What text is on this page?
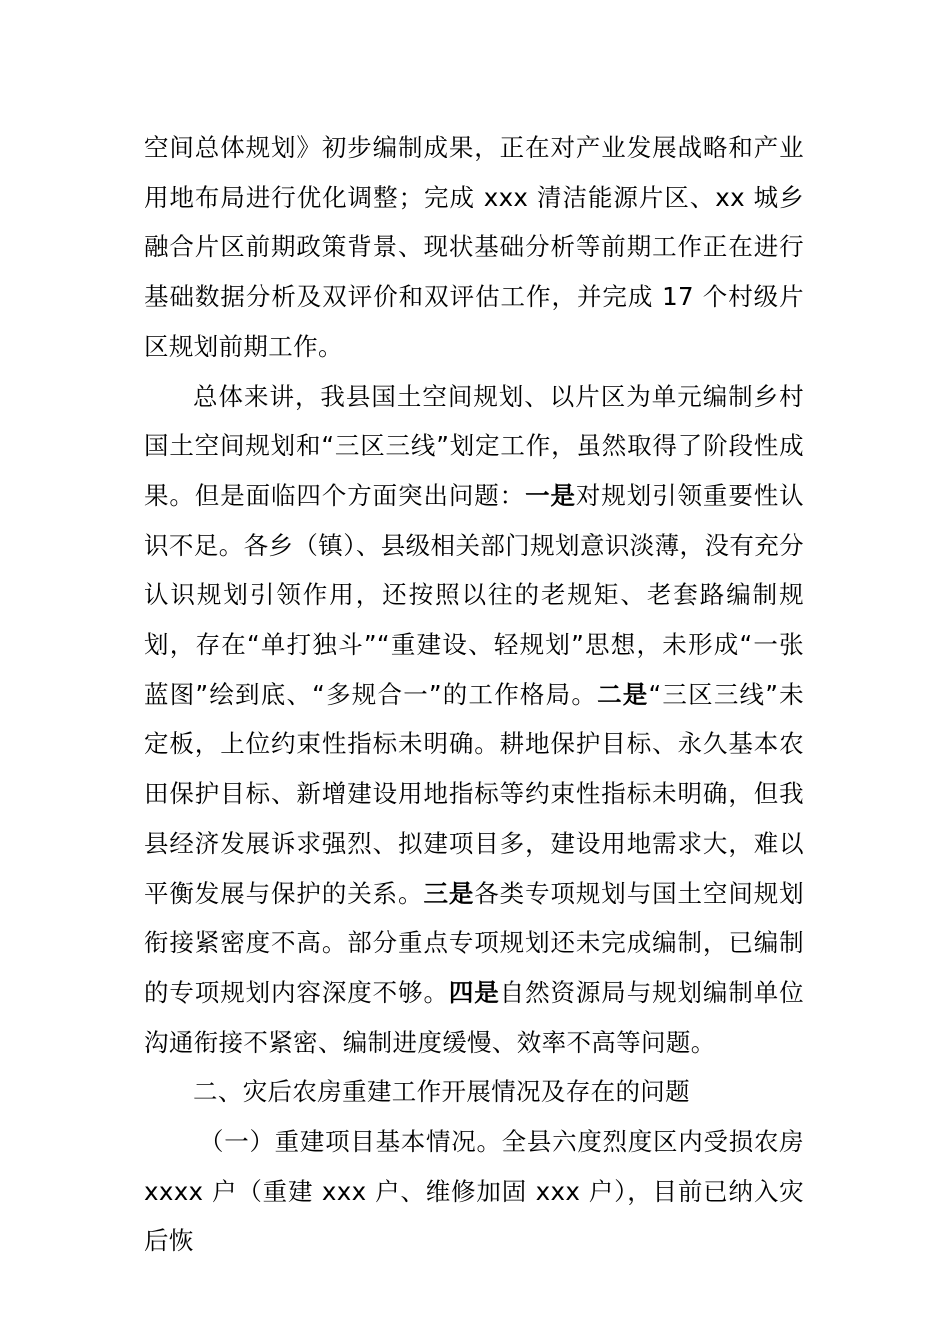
空间总体规划》初步编制成果，正在对产业发展战略和产业用地布局进行优化调整；完成 xxx 清洁能源片区、xx 城乡融合片区前期政策背景、现状基础分析等前期工作正在进行基础数据分析及双评价和双评估工作，并完成 17 个村级片区规划前期工作。

总体来讲，我县国土空间规划、以片区为单元编制乡村国土空间规划和“三区三线”划定工作，虽然取得了阶段性成果。但是面临四个方面突出问题：一是对规划引领重要性认识不足。各乡（镇）、县级相关部门规划意识淡薄，没有充分认识规划引领作用，还按照以往的老规矩、老套路编制规划，存在“单打独斗”“重建设、轻规划”思想，未形成“一张蓝图”绘到底、“多规合一”的工作格局。二是“三区三线”未定板，上位约束性指标未明确。耕地保护目标、永久基本农田保护目标、新增建设用地指标等约束性指标未明确，但我县经济发展诉求强烈、拟建项目多，建设用地需求大，难以平衡发展与保护的关系。三是各类专项规划与国土空间规划衔接紧密度不高。部分重点专项规划还未完成编制，已编制的专项规划内容深度不够。四是自然资源局与规划编制单位沟通衔接不紧密、编制进度缓慢、效率不高等问题。

二、灾后农房重建工作开展情况及存在的问题

（一）重建项目基本情况。全县六度烈度区内受损农房 xxxx 户（重建 xxx 户、维修加固 xxx 户），目前已纳入灾后恢
